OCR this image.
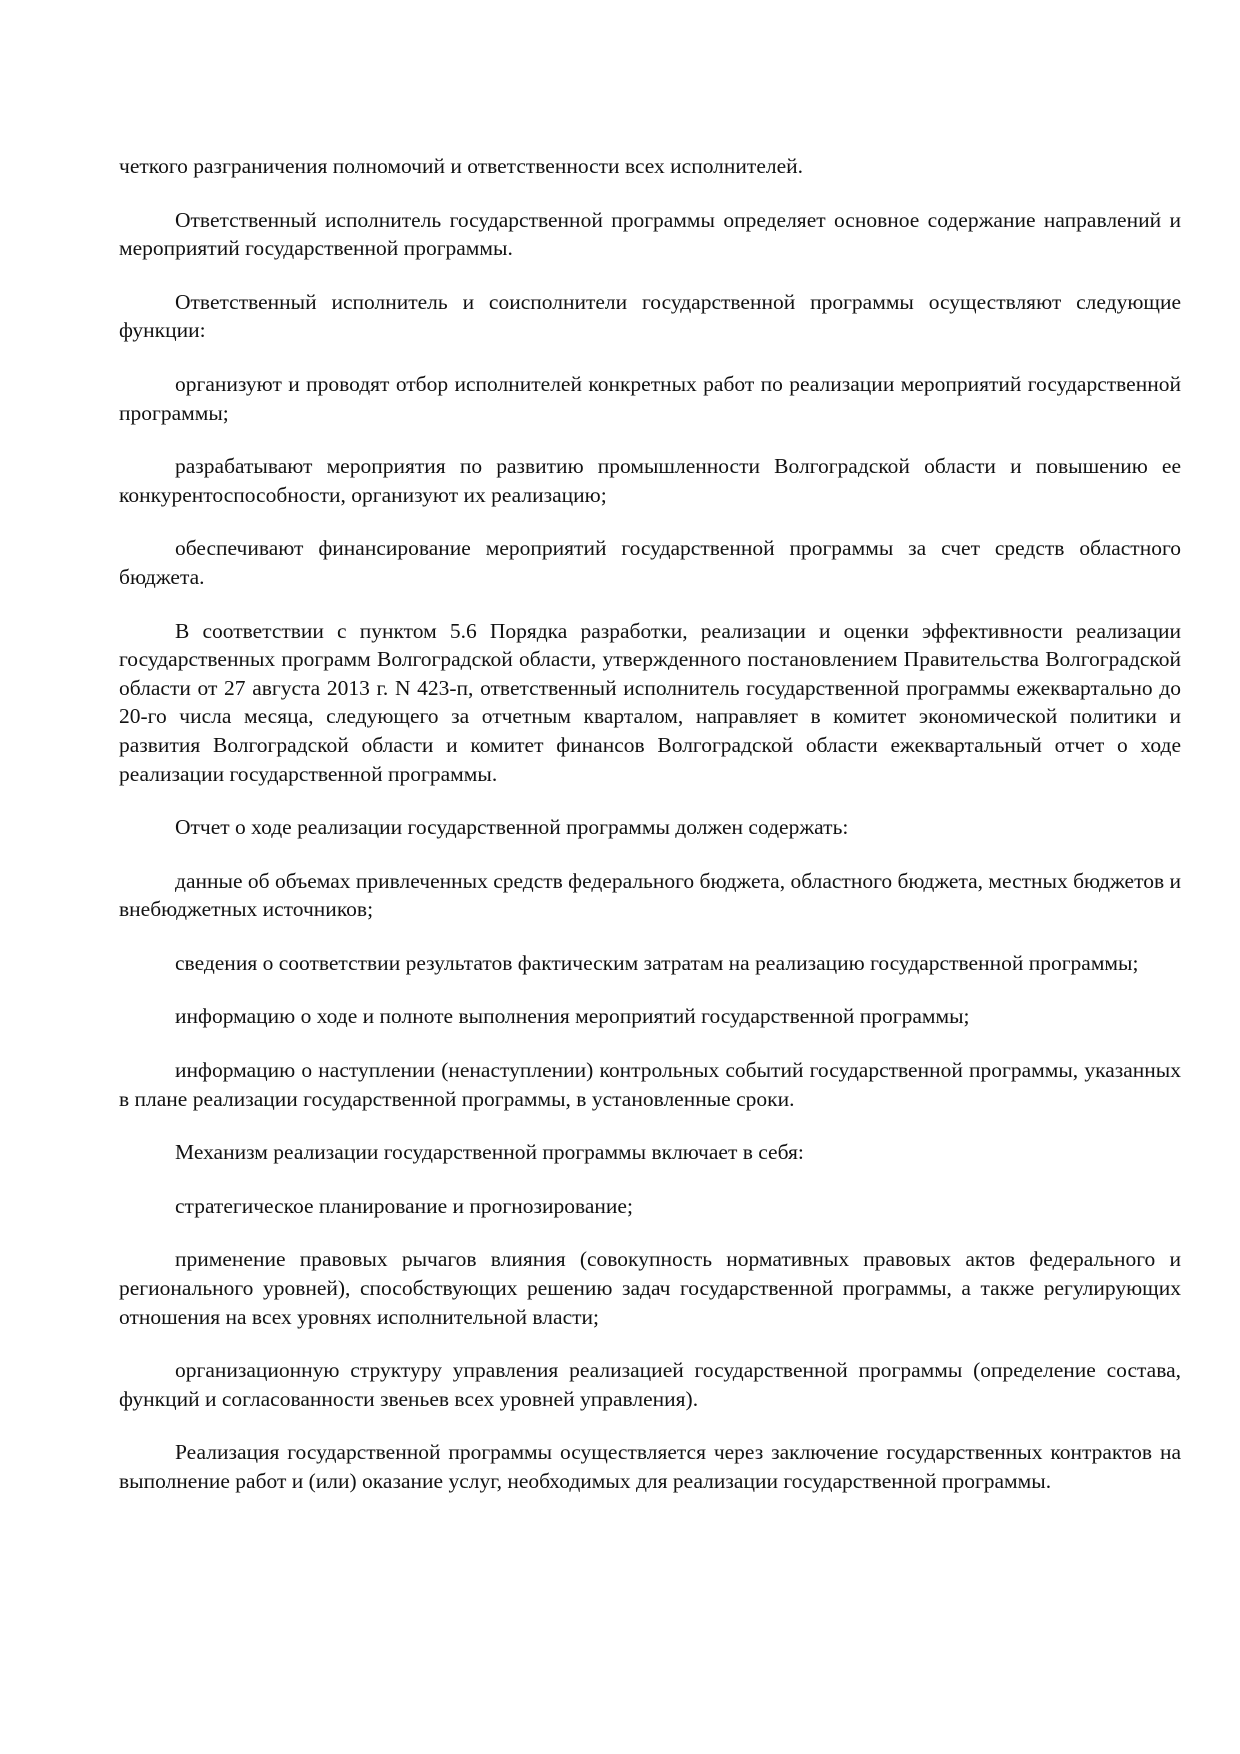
четкого разграничения полномочий и ответственности всех исполнителей.

Ответственный исполнитель государственной программы определяет основное содержание направлений и мероприятий государственной программы.

Ответственный исполнитель и соисполнители государственной программы осуществляют следующие функции:

организуют и проводят отбор исполнителей конкретных работ по реализации мероприятий государственной программы;

разрабатывают мероприятия по развитию промышленности Волгоградской области и повышению ее конкурентоспособности, организуют их реализацию;

обеспечивают финансирование мероприятий государственной программы за счет средств областного бюджета.

В соответствии с пунктом 5.6 Порядка разработки, реализации и оценки эффективности реализации государственных программ Волгоградской области, утвержденного постановлением Правительства Волгоградской области от 27 августа 2013 г. N 423-п, ответственный исполнитель государственной программы ежеквартально до 20-го числа месяца, следующего за отчетным кварталом, направляет в комитет экономической политики и развития Волгоградской области и комитет финансов Волгоградской области ежеквартальный отчет о ходе реализации государственной программы.

Отчет о ходе реализации государственной программы должен содержать:

данные об объемах привлеченных средств федерального бюджета, областного бюджета, местных бюджетов и внебюджетных источников;

сведения о соответствии результатов фактическим затратам на реализацию государственной программы;

информацию о ходе и полноте выполнения мероприятий государственной программы;

информацию о наступлении (ненаступлении) контрольных событий государственной программы, указанных в плане реализации государственной программы, в установленные сроки.

Механизм реализации государственной программы включает в себя:

стратегическое планирование и прогнозирование;

применение правовых рычагов влияния (совокупность нормативных правовых актов федерального и регионального уровней), способствующих решению задач государственной программы, а также регулирующих отношения на всех уровнях исполнительной власти;

организационную структуру управления реализацией государственной программы (определение состава, функций и согласованности звеньев всех уровней управления).

Реализация государственной программы осуществляется через заключение государственных контрактов на выполнение работ и (или) оказание услуг, необходимых для реализации государственной программы.
